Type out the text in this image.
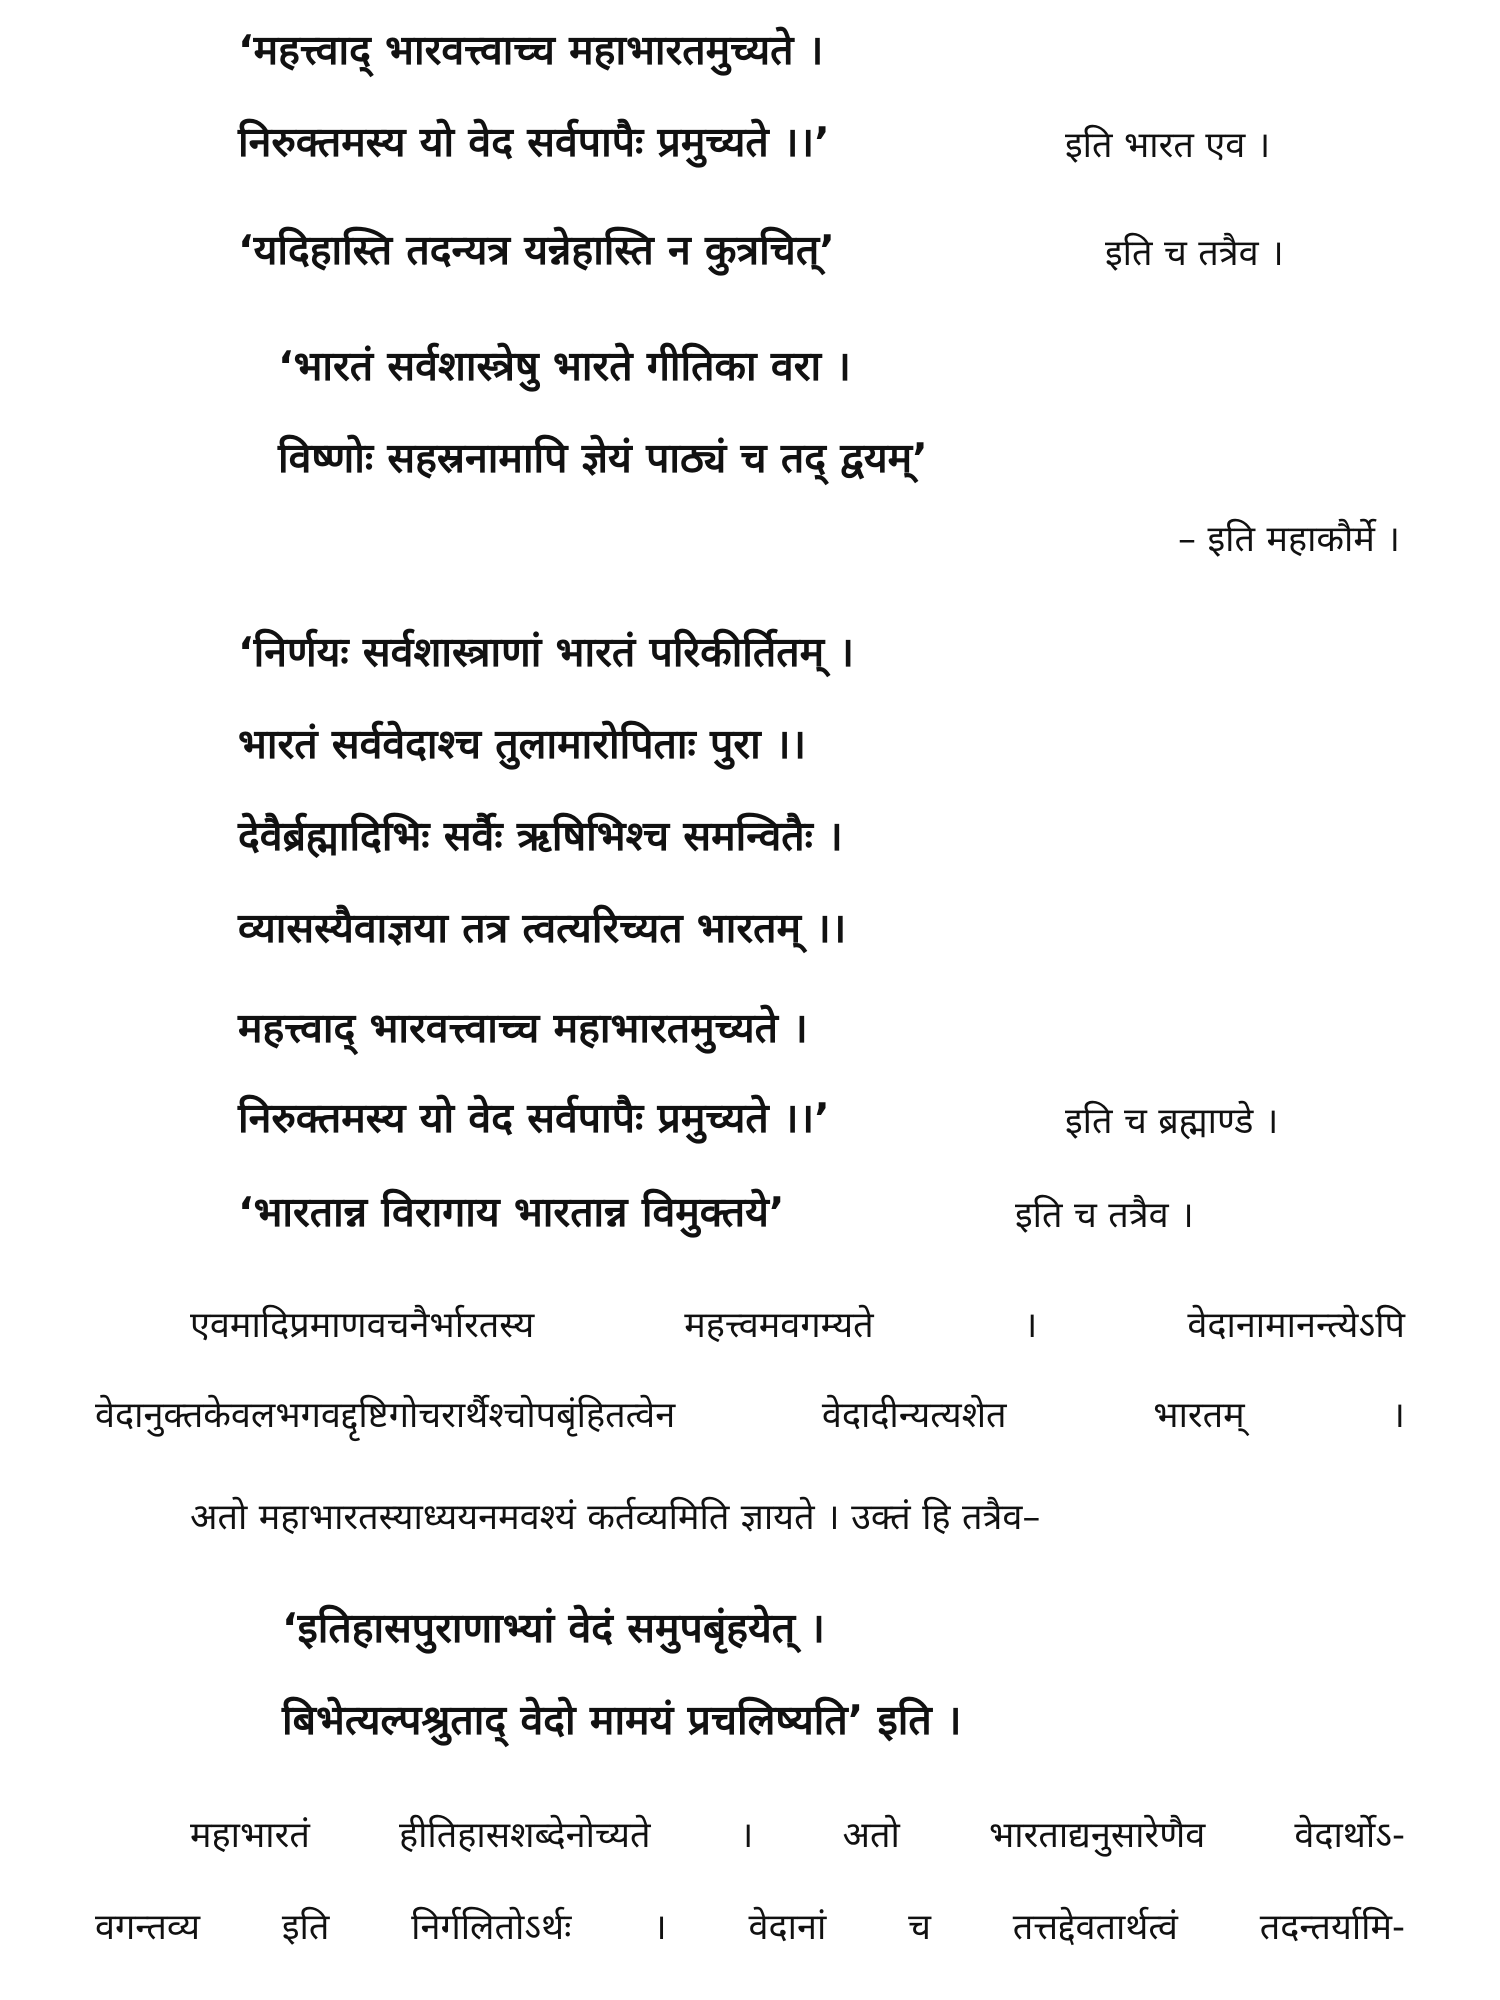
‘महत्त्वाद् भारवत्त्वाच्च महाभारतमुच्यते ।
निरुक्तमस्य यो वेद सर्वपापैः प्रमुच्यते ।।’	इति भारत एव ।
‘यदिहास्ति तदन्यत्र यन्नेहास्ति न कुत्रचित्’	इति च तत्रैव ।
‘भारतं सर्वशास्त्रेषु भारते गीतिका वरा ।
विष्णोः सहस्रनामापि ज्ञेयं पाठ्यं च तद् द्वयम्’
– इति महाकौर्मे ।
‘निर्णयः सर्वशास्त्राणां भारतं परिकीर्तितम् ।
भारतं सर्ववेदाश्च तुलामारोपिताः पुरा ।।
देवैर्ब्रह्मादिभिः सर्वैः ऋषिभिश्च समन्वितैः ।
व्यासस्यैवाज्ञया तत्र त्वत्यरिच्यत भारतम् ।।
महत्त्वाद् भारवत्त्वाच्च महाभारतमुच्यते ।
निरुक्तमस्य यो वेद सर्वपापैः प्रमुच्यते ।।’	इति च ब्रह्माण्डे ।
‘भारतान्न विरागाय भारतान्न विमुक्तये’	इति च तत्रैव ।
एवमादिप्रमाणवचनैर्भारतस्य महत्त्वमवगम्यते । वेदानामानन्त्येऽपि
वेदानुक्तकेवलभगवद्दृष्टिगोचरार्थैश्चोपबृंहितत्वेन वेदादीन्यत्यशेत भारतम् ।
अतो महाभारतस्याध्ययनमवश्यं कर्तव्यमिति ज्ञायते । उक्तं हि तत्रैव–
‘इतिहासपुराणाभ्यां वेदं समुपबृंहयेत् ।
बिभेत्यल्पश्रुताद् वेदो मामयं प्रचलिष्यति’ इति ।
महाभारतं हीतिहासशब्देनोच्यते । अतो भारताद्यनुसारेणैव वेदार्थोऽ-
वगन्तव्य इति निर्गलितोऽर्थः । वेदानां च तत्तद्देवतार्थत्वं तदन्तर्यामि-
